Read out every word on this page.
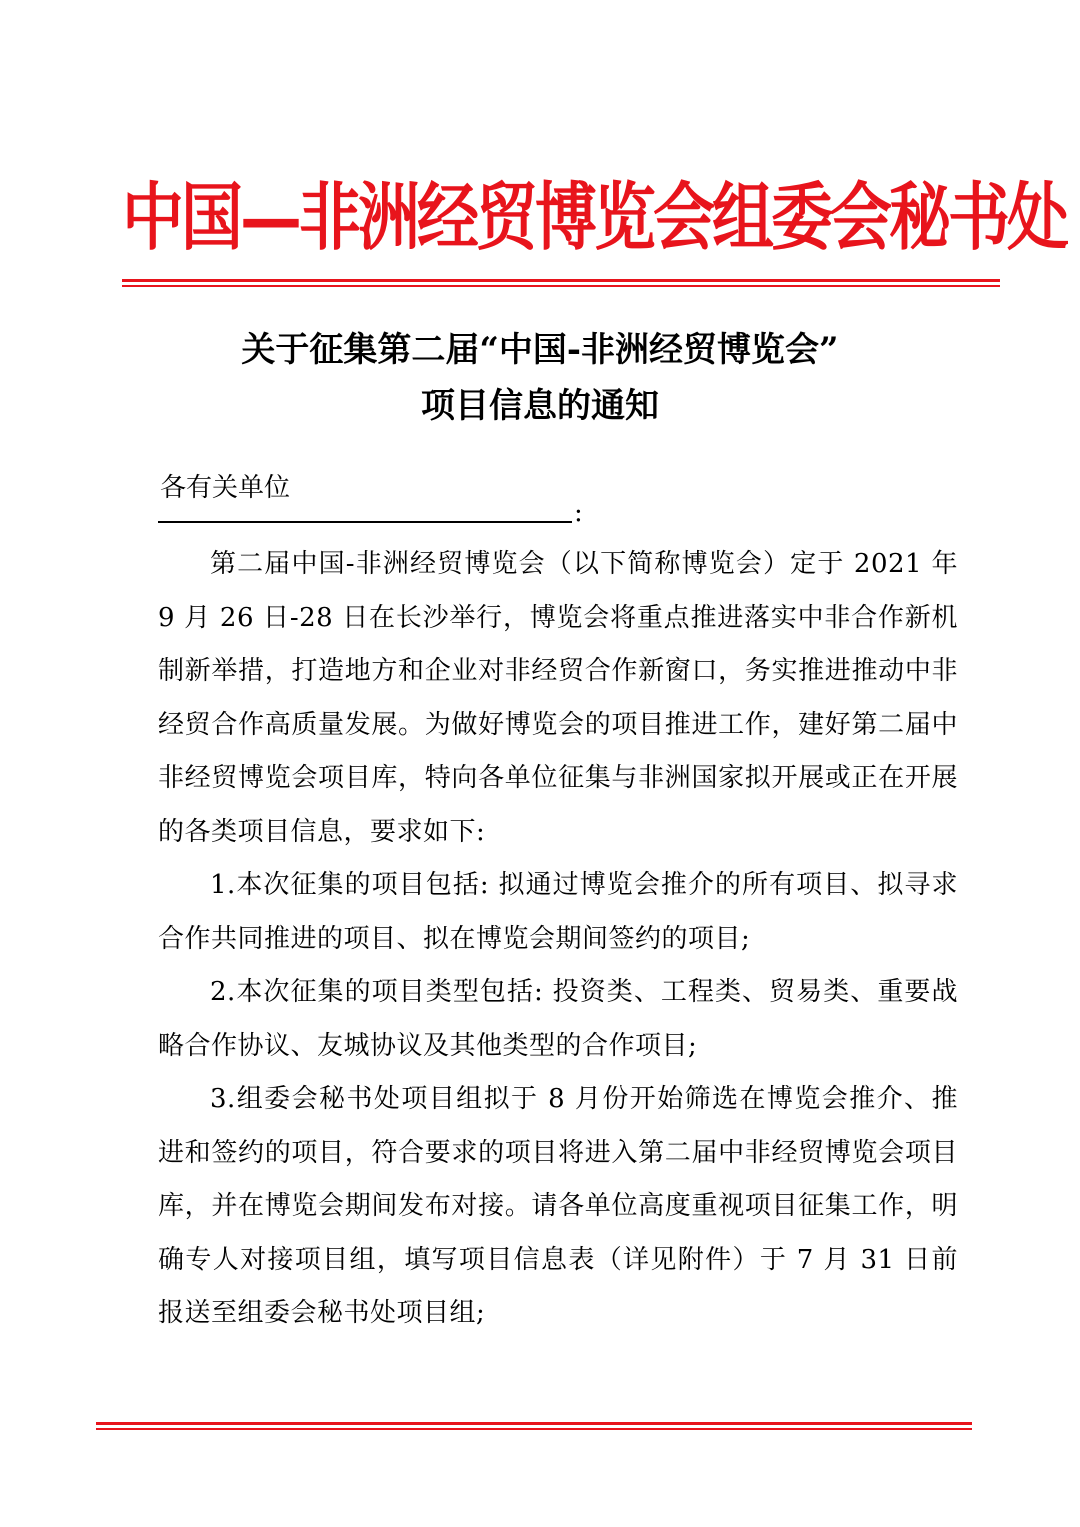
中国—非洲经贸博览会组委会秘书处
关于征集第二届“中国-非洲经贸博览会”
项目信息的通知
各有关单位
:

第二届中国-非洲经贸博览会（以下简称博览会）定于 2021 年 9 月 26 日-28 日在长沙举行，博览会将重点推进落实中非合作新机制新举措，打造地方和企业对非经贸合作新窗口，务实推进推动中非经贸合作高质量发展。为做好博览会的项目推进工作，建好第二届中非经贸博览会项目库，特向各单位征集与非洲国家拟开展或正在开展的各类项目信息，要求如下:

1.本次征集的项目包括: 拟通过博览会推介的所有项目、拟寻求合作共同推进的项目、拟在博览会期间签约的项目;

2.本次征集的项目类型包括: 投资类、工程类、贸易类、重要战略合作协议、友城协议及其他类型的合作项目;

3.组委会秘书处项目组拟于 8 月份开始筛选在博览会推介、推进和签约的项目，符合要求的项目将进入第二届中非经贸博览会项目库，并在博览会期间发布对接。请各单位高度重视项目征集工作，明确专人对接项目组，填写项目信息表（详见附件）于 7 月 31 日前报送至组委会秘书处项目组;
